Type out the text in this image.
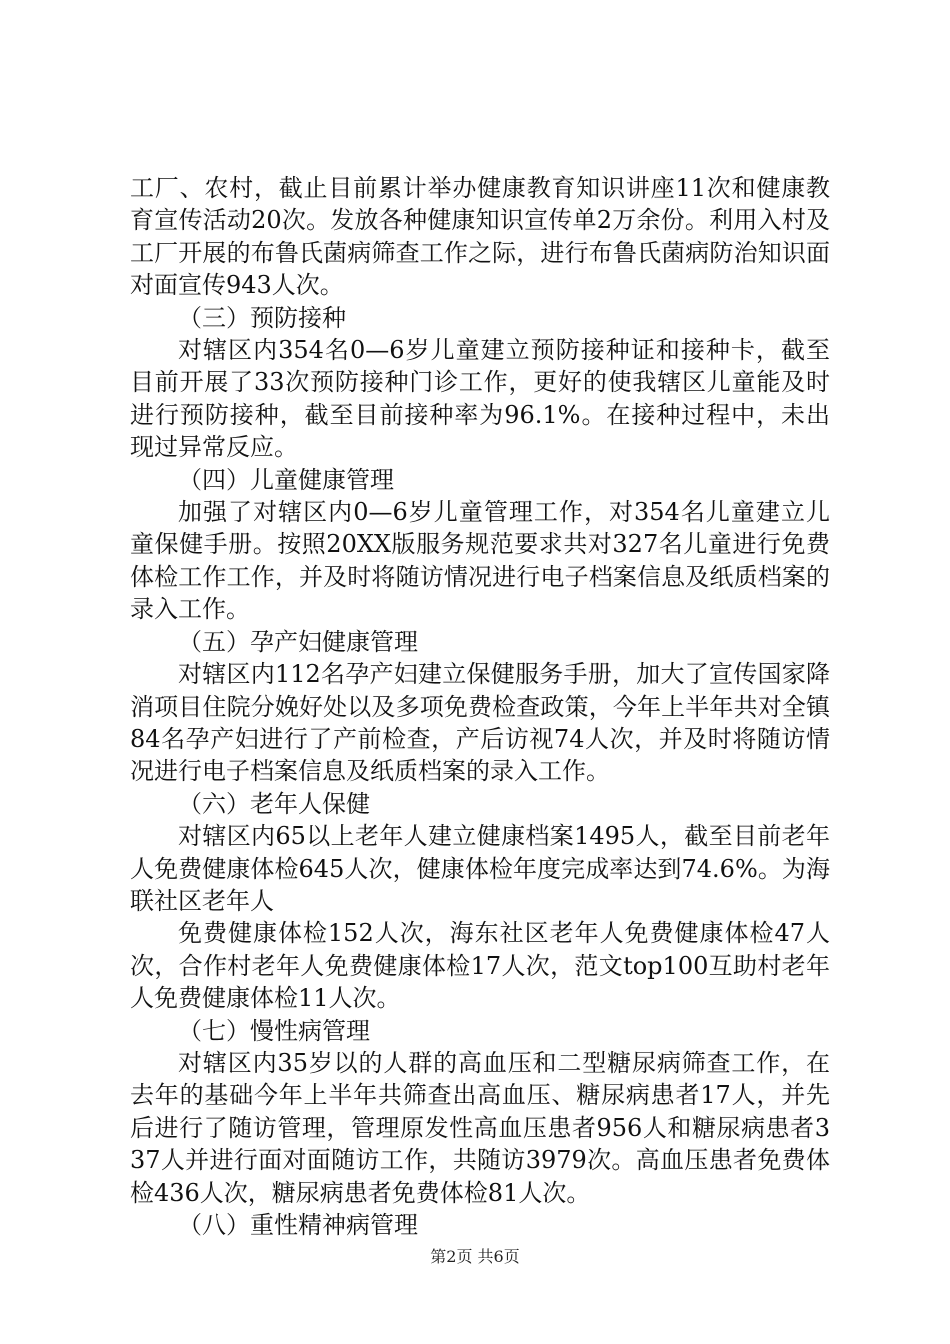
工厂、农村，截止目前累计举办健康教育知识讲座11次和健康教育宣传活动20次。发放各种健康知识宣传单2万余份。利用入村及工厂开展的布鲁氏菌病筛查工作之际，进行布鲁氏菌病防治知识面对面宣传943人次。

（三）预防接种

对辖区内354名0—6岁儿童建立预防接种证和接种卡，截至目前开展了33次预防接种门诊工作，更好的使我辖区儿童能及时进行预防接种，截至目前接种率为96.1%。在接种过程中，未出现过异常反应。

（四）儿童健康管理

加强了对辖区内0—6岁儿童管理工作，对354名儿童建立儿童保健手册。按照20XX版服务规范要求共对327名儿童进行免费体检工作工作，并及时将随访情况进行电子档案信息及纸质档案的录入工作。

（五）孕产妇健康管理

对辖区内112名孕产妇建立保健服务手册，加大了宣传国家降消项目住院分娩好处以及多项免费检查政策，今年上半年共对全镇84名孕产妇进行了产前检查，产后访视74人次，并及时将随访情况进行电子档案信息及纸质档案的录入工作。

（六）老年人保健

对辖区内65以上老年人建立健康档案1495人，截至目前老年人免费健康体检645人次，健康体检年度完成率达到74.6%。为海联社区老年人

免费健康体检152人次，海东社区老年人免费健康体检47人次，合作村老年人免费健康体检17人次，范文top100互助村老年人免费健康体检11人次。

（七）慢性病管理

对辖区内35岁以的人群的高血压和二型糖尿病筛查工作，在去年的基础今年上半年共筛查出高血压、糖尿病患者17人，并先后进行了随访管理，管理原发性高血压患者956人和糖尿病患者337人并进行面对面随访工作，共随访3979次。高血压患者免费体检436人次，糖尿病患者免费体检81人次。

（八）重性精神病管理

第2页 共6页
